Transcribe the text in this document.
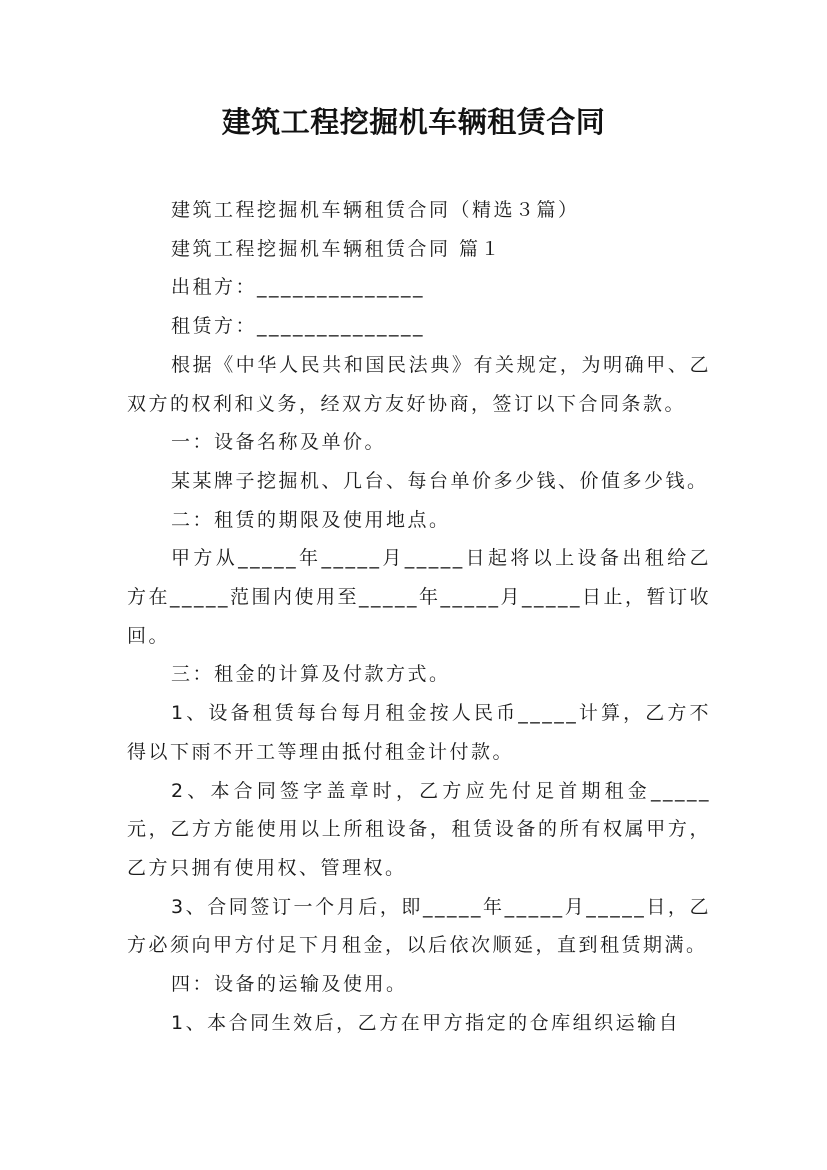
建筑工程挖掘机车辆租赁合同

建筑工程挖掘机车辆租赁合同（精选３篇）

建筑工程挖掘机车辆租赁合同 篇１

出租方：______________

租赁方：______________

根据《中华人民共和国民法典》有关规定，为明确甲、乙双方的权利和义务，经双方友好协商，签订以下合同条款。

一：设备名称及单价。

某某牌子挖掘机、几台、每台单价多少钱、价值多少钱。

二：租赁的期限及使用地点。

甲方从_____年_____月_____日起将以上设备出租给乙方在_____范围内使用至_____年_____月_____日止，暂订收回。

三：租金的计算及付款方式。

1、设备租赁每台每月租金按人民币_____计算，乙方不得以下雨不开工等理由抵付租金计付款。

2、本合同签字盖章时，乙方应先付足首期租金_____元，乙方方能使用以上所租设备，租赁设备的所有权属甲方，乙方只拥有使用权、管理权。

3、合同签订一个月后，即_____年_____月_____日，乙方必须向甲方付足下月租金，以后依次顺延，直到租赁期满。

四：设备的运输及使用。

1、本合同生效后，乙方在甲方指定的仓库组织运输自
